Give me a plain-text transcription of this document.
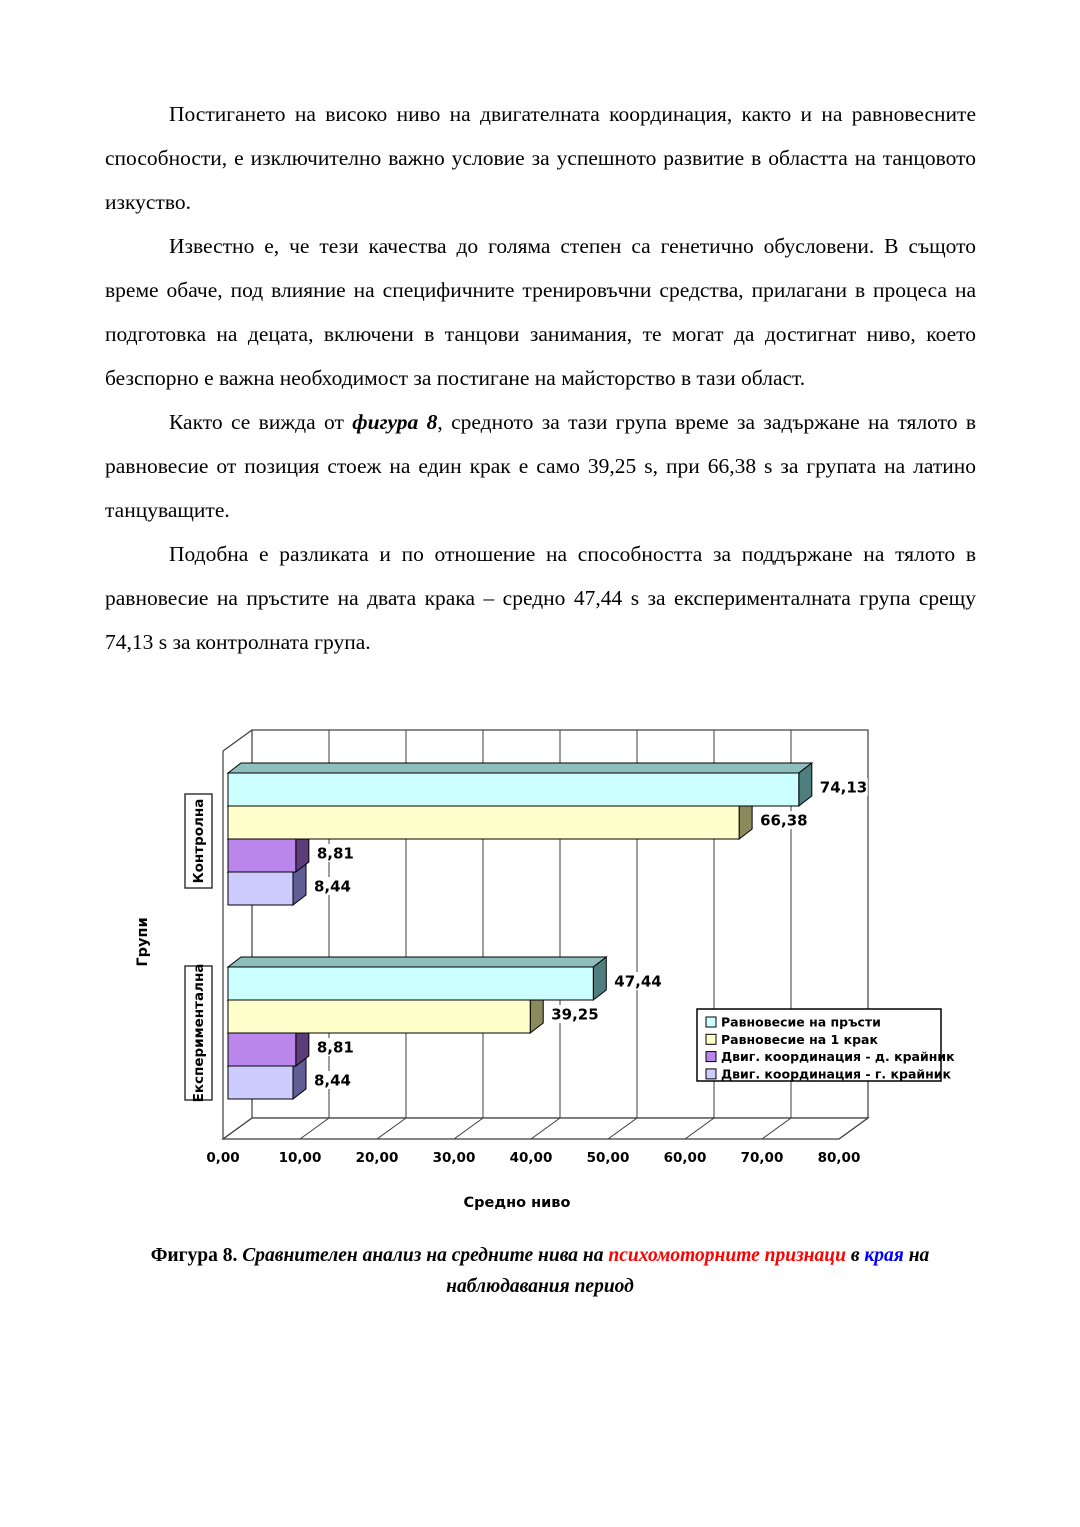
Постигането на високо ниво на двигателната координация, както и на равновесните способности, е изключително важно условие за успешното развитие в областта на танцовото изкуство.

Известно е, че тези качества до голяма степен са генетично обусловени. В същото време обаче, под влияние на специфичните тренировъчни средства, прилагани в процеса на подготовка на децата, включени в танцови занимания, те могат да достигнат ниво, което безспорно е важна необходимост за постигане на майсторство в тази област.

Както се вижда от фигура 8, средното за тази група време за задържане на тялото в равновесие от позиция стоеж на един крак е само 39,25 s, при 66,38 s за групата на латино танцуващите.

Подобна е разликата и по отношение на способността за поддържане на тялото в равновесие на пръстите на двата крака – средно 47,44 s за експерименталната група срещу 74,13 s за контролната група.

8,44
8,81
66,38
74,13
8,44
8,81
39,25
47,44
0,00	10,00	20,00	30,00	40,00	50,00	60,00	70,00	80,00
Средно ниво
Групи
Контролна
Експериментална	Равновесие на пръсти
Равновесие на 1 крак
Двиг. координация - д. крайник
Двиг. координация - г. крайник
Фигура 8. Сравнителен анализ на средните нива на психомоторните признаци в края на наблюдавания период
